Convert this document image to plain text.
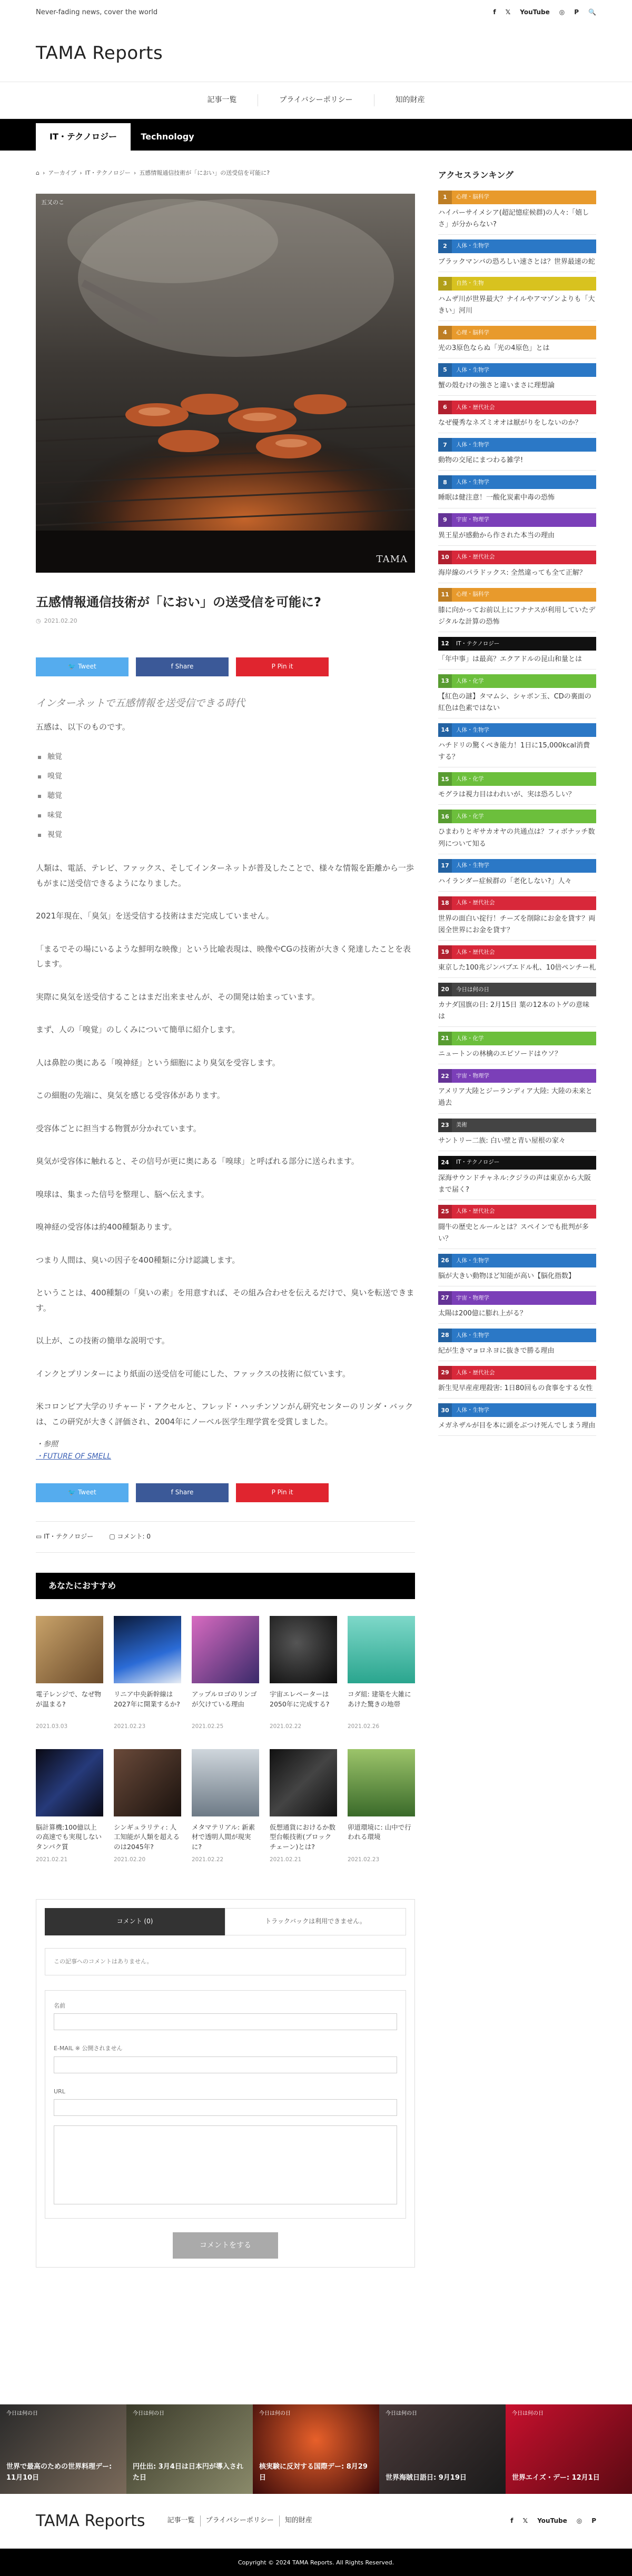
Never-fading news, cover the world	f 𝕏 YouTube ◎ P 🔍
TAMA Reports
記事一覧	プライバシーポリシー	知的財産
IT・テクノロジー	Technology
⌂ › アーカイブ › IT・テクノロジー › 五感情報通信技術が「におい」の送受信を可能に?
五又のこ
TAMA
五感情報通信技術が「におい」の送受信を可能に?
◷ 2021.02.20
🐦 Tweet	f Share	P Pin it
インターネットで五感情報を送受信できる時代

五感は、以下のものです。

触覚
嗅覚
聴覚
味覚
視覚

人類は、電話、テレビ、ファックス、そしてインターネットが普及したことで、様々な情報を距離から一歩もがまに送受信できるようになりました。

2021年現在、「臭気」を送受信する技術はまだ完成していません。

「まるでその場にいるような鮮明な映像」という比喩表現は、映像やCGの技術が大きく発達したことを表します。

実際に臭気を送受信することはまだ出来ませんが、その開発は始まっています。

まず、人の「嗅覚」のしくみについて簡単に紹介します。

人は鼻腔の奥にある「嗅神経」という細胞により臭気を受容します。

この細胞の先端に、臭気を感じる受容体があります。

受容体ごとに担当する物質が分かれています。

臭気が受容体に触れると、その信号が更に奥にある「嗅球」と呼ばれる部分に送られます。

嗅球は、集まった信号を整理し、脳へ伝えます。

嗅神経の受容体は約400種類あります。

つまり人間は、臭いの因子を400種類に分け認識します。

ということは、400種類の「臭いの素」を用意すれば、その組み合わせを伝えるだけで、臭いを転送できます。

以上が、この技術の簡単な説明です。

インクとプリンターにより紙面の送受信を可能にした、ファックスの技術に似ています。

米コロンビア大学のリチャード・アクセルと、フレッド・ハッチンソンがん研究センターのリンダ・バックは、この研究が大きく評価され、2004年にノーベル医学生理学賞を受賞しました。

・参照
・FUTURE OF SMELL
🐦 Tweet	f Share	P Pin it
▭ IT・テクノロジー	▢ コメント: 0
あなたにおすすめ
電子レンジで、なぜ物が温まる?
2021.03.03
リニア中央新幹線は2027年に開業するか?
2021.02.23
アップルロゴのリンゴが欠けている理由
2021.02.25
宇宙エレベーターは2050年に完成する?
2021.02.22
コダ組: 建築を大雑にあけた驚きの地帯
2021.02.26
脳計算機:100億以上の高速でも実現しないタンパク質
2021.02.21
シンギュラリティ: 人工知能が人類を超えるのは2045年?
2021.02.20
メタマテリアル: 新素材で透明人間が現実に?
2021.02.22
仮想通貨におけるか数型台帳技術(ブロックチェーン)とは?
2021.02.21
卯道環境に: 山中で行われる環境
2021.02.23
コメント (0)	トラックバックは利用できません。
この記事へのコメントはありません。
名前
E-MAIL ※ 公開されません
URL
コメントをする
アクセスランキング
1	心理・脳科学
ハイパーサイメシア(超記憶症候群)の人々:「嬉しさ」が分からない?
2	人体・生物学
ブラックマンバの恐ろしい速さとは？世界最速の蛇
3	自然・生物
ハムザ川が世界最大？ナイルやアマゾンよりも「大きい」河川
4	心理・脳科学
光の3原色ならぬ「光の4原色」とは
5	人体・生物学
蟹の殻むけの強さと違いまさに理想論
6	人体・歴代社会
なぜ優秀なネズミオオは厭がりをしないのか？
7	人体・生物学
動物の交尾にまつわる雑学!
8	人体・生物学
睡眠は健注意！一酸化炭素中毒の恐怖
9	宇宙・物理学
異王星が感動から作された本当の理由
10	人体・歴代社会
海岸線のパラドックス: 全然違っても全て正解？
11	心理・脳科学
膝に向かってお前以上にフナナスが利用していたデジタルな計算の恐怖
12	IT・テクノロジー
「年中事」は最高？エクアドルの昆山和量とは
13	人体・化学
【紅色の謎】タマムシ、シャボン玉、CDの裏面の紅色は色素ではない
14	人体・生物学
ハチドリの驚くべき能力！1日に15,000kcal消費する？
15	人体・化学
モグラは視力目はわれいが、実は恐ろしい？
16	人体・化学
ひまわりとギサカオヤの共通点は？フィボナッチ数列について知る
17	人体・生物学
ハイランダー症候群の「老化しない?」人々
18	人体・歴代社会
世界の面白い掟行！チーズを削除にお金を貸す？両図全世界にお金を貸す？
19	人体・歴代社会
東京した100兆ジンバブエドル札、10倍ペンチー札
20	今日は何の日
カナダ国旗の日: 2月15日 葉の12本のトゲの意味は
21	人体・化学
ニュートンの林檎のエピソードはウソ？
22	宇宙・物理学
アメリア大陸とジーランディア大陸: 大陸の未来と過去
23	美術
サントリー二族: 白い壁と青い屋根の家々
24	IT・テクノロジー
深海サウンドチャネル:クジラの声は東京から大阪まで届く?
25	人体・歴代社会
闘牛の歴史とルールとは？スペインでも批判が多い？
26	人体・生物学
脳が大きい動物ほど知能が高い【脳化指数】
27	宇宙・物理学
太陽は200億に膨れ上がる？
28	人体・生物学
紀が生きマョロネヨに抜きで勝る理由
29	人体・歴代社会
新生児早産産理殺害: 1日80回もの食事をする女性
30	人体・生物学
メガネザルが目を本に頭をぶつけ死んでしまう理由
今日は何の日
世界で最高のための世界料理デー: 11月10日
今日は何の日
円仕出: 3月4日は日本円が導入された日
今日は何の日
核実験に反対する国際デー: 8月29日
今日は何の日
世界海賊日語日: 9月19日
今日は何の日
世界エイズ・デー: 12月1日
TAMA Reports	記事一覧	プライバシーポリシー	知的財産	f 𝕏 YouTube ◎ P
Copyright © 2024 TAMA Reports. All Rights Reserved.
